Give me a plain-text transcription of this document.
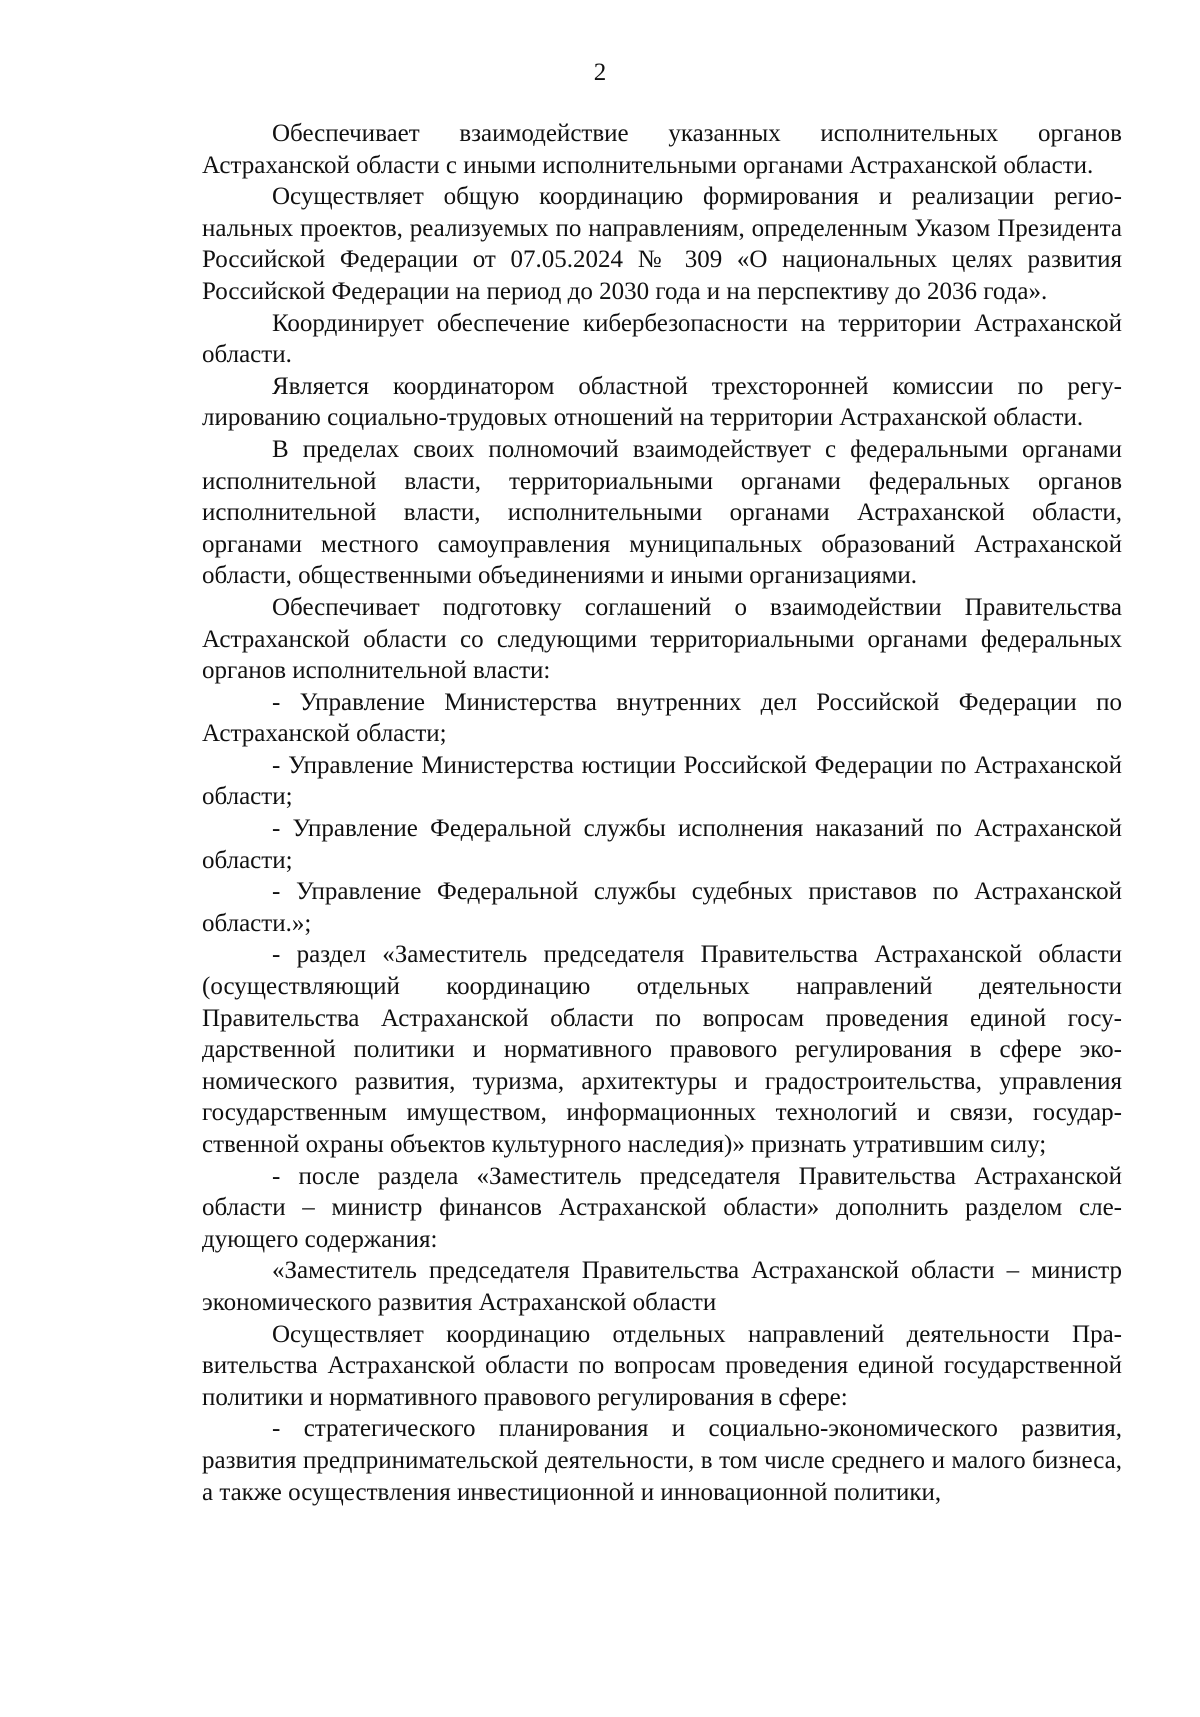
2

Обеспечивает взаимодействие указанных исполнительных органов Астраханской области с иными исполнительными органами Астраханской области.

Осуществляет общую координацию формирования и реализации региональных проектов, реализуемых по направлениям, определенным Указом Президента Российской Федерации от 07.05.2024 № 309 «О национальных целях развития Российской Федерации на период до 2030 года и на перспективу до 2036 года».

Координирует обеспечение кибербезопасности на территории Астраханской области.

Является координатором областной трехсторонней комиссии по регулированию социально-трудовых отношений на территории Астраханской области.

В пределах своих полномочий взаимодействует с федеральными органами исполнительной власти, территориальными органами федеральных органов исполнительной власти, исполнительными органами Астраханской области, органами местного самоуправления муниципальных образований Астраханской области, общественными объединениями и иными организациями.

Обеспечивает подготовку соглашений о взаимодействии Правительства Астраханской области со следующими территориальными органами федеральных органов исполнительной власти:

- Управление Министерства внутренних дел Российской Федерации по Астраханской области;

- Управление Министерства юстиции Российской Федерации по Астраханской области;

- Управление Федеральной службы исполнения наказаний по Астраханской области;

- Управление Федеральной службы судебных приставов по Астраханской области.»;

- раздел «Заместитель председателя Правительства Астраханской области (осуществляющий координацию отдельных направлений деятельности Правительства Астраханской области по вопросам проведения единой государственной политики и нормативного правового регулирования в сфере экономического развития, туризма, архитектуры и градостроительства, управления государственным имуществом, информационных технологий и связи, государственной охраны объектов культурного наследия)» признать утратившим силу;

- после раздела «Заместитель председателя Правительства Астраханской области – министр финансов Астраханской области» дополнить разделом следующего содержания:

«Заместитель председателя Правительства Астраханской области – министр экономического развития Астраханской области

Осуществляет координацию отдельных направлений деятельности Правительства Астраханской области по вопросам проведения единой государственной политики и нормативного правового регулирования в сфере:

- стратегического планирования и социально-экономического развития, развития предпринимательской деятельности, в том числе среднего и малого бизнеса, а также осуществления инвестиционной и инновационной политики,
